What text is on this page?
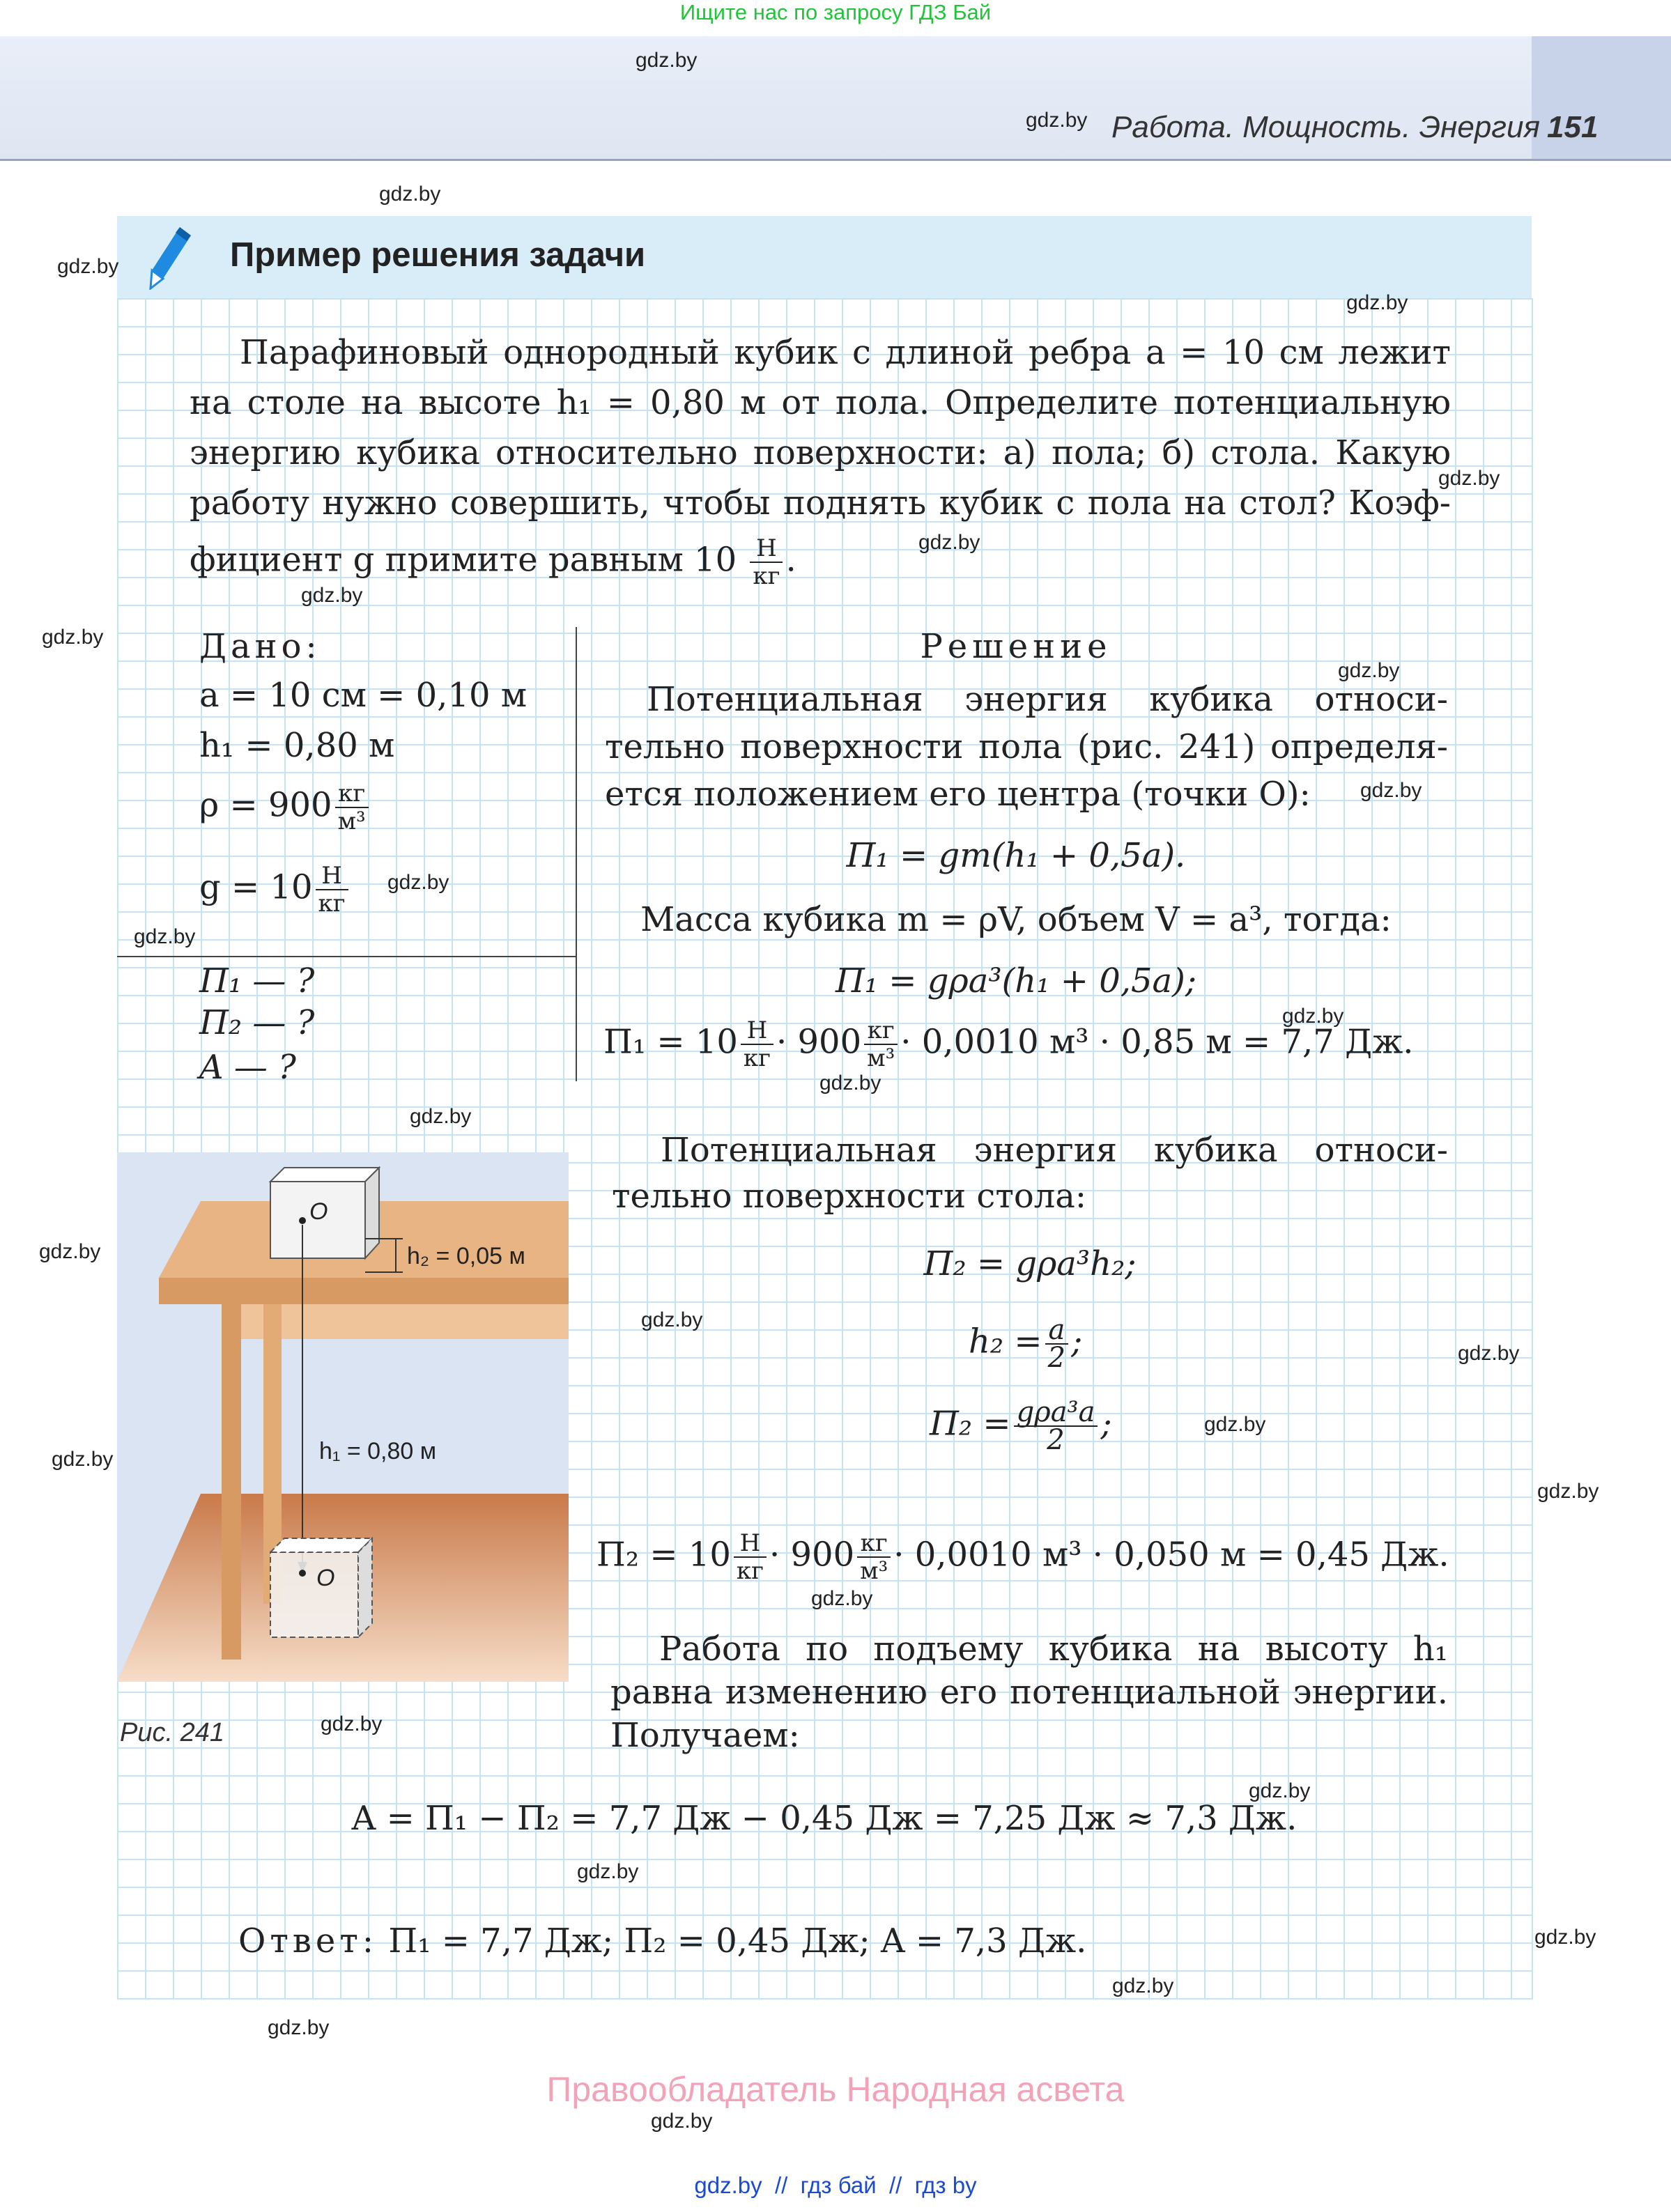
Ищите нас по запросу ГДЗ Бай
Работа. Мощность. Энергия 151
Пример решения задачи
Парафиновый однородный кубик с длиной ребра a = 10 см лежит
на столе на высоте h₁ = 0,80 м от пола. Определите потенциальную
энергию кубика относительно поверхности: а) пола; б) стола. Какую
работу нужно совершить, чтобы поднять кубик с пола на стол? Коэф-
фициент g примите равным $10 \frac{Н}{кг}$ .
Дано:
a = 10 см = 0,10 м
h₁ = 0,80 м
$\rho = 900 \frac{кг}{\text{м³}}$
$g = 10 \frac{Н}{кг}$
П₁ — ?
П₂ — ?
A — ?
Решение
Потенциальная энергия кубика относи-
тельно поверхности пола (рис. 241) определя-
ется положением его центра (точки O):
П₁ = gm(h₁ + 0,5a).
Масса кубика m = ρV, объем V = a³, тогда:
П₁ = gρa³(h₁ + 0,5a);
$П_1 = 10 \frac{Н}{кг} \cdot 900 \frac{кг}{\text{м³}} \cdot 0,0010$ м³ · 0,85 м = 7,7 Дж.
Потенциальная энергия кубика относи-
тельно поверхности стола:
П₂ = gρa³h₂;
$h_2 = \frac{a}{2}$ ;
$П_2 = \frac{\text{gρa³a}}{2}$ ;
$П_2 = 10 \frac{Н}{кг} \cdot 900 \frac{кг}{\text{м³}} \cdot 0,0010$ м³ · 0,050 м = 0,45 Дж.
Работа по подъему кубика на высоту h₁
равна изменению его потенциальной энергии.
Получаем:
A = П₁ − П₂ = 7,7 Дж − 0,45 Дж = 7,25 Дж ≈ 7,3 Дж.
Ответ: П₁ = 7,7 Дж; П₂ = 0,45 Дж; A = 7,3 Дж.
O
h₂ = 0,05 м
h₁ = 0,80 м
O
Рис. 241
gdz.by
gdz.by
gdz.by
gdz.by
gdz.by
gdz.by
gdz.by
gdz.by
gdz.by
gdz.by
gdz.by
gdz.by
gdz.by
gdz.by
gdz.by
gdz.by
gdz.by
gdz.by
gdz.by
gdz.by
gdz.by
gdz.by
gdz.by
gdz.by
gdz.by
gdz.by
gdz.by
gdz.by
gdz.by
gdz.by
Правообладатель Народная асвета
gdz.by  //  гдз бай  //  гдз by
